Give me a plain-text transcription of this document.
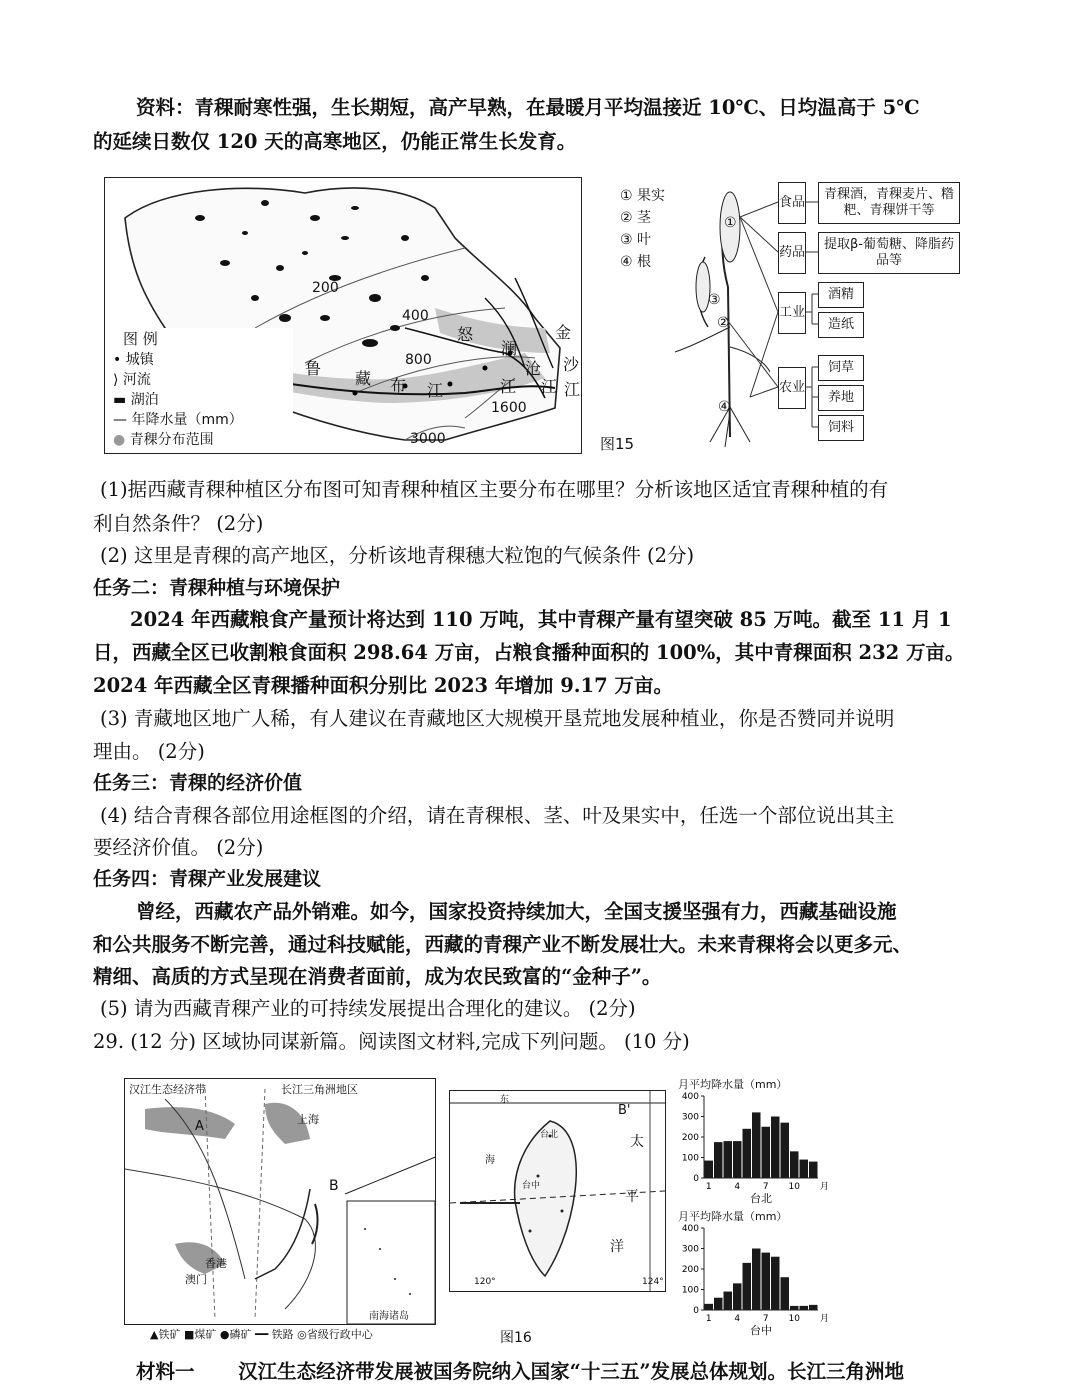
资料：青稞耐寒性强，生长期短，高产早熟，在最暖月平均温接近 10℃、日均温高于 5℃
的延续日数仅 120 天的高寒地区，仍能正常生长发育。
200
400
800
1600
3000
鲁
藏 布 江
怒
江
澜
沧
江
金
沙
江
图 例
• 城镇
⟩ 河流
▬ 湖泊
— 年降水量（mm）
● 青稞分布范围
① 果实
② 茎
③ 叶
④ 根
①
②
③
④
食品
青稞酒，青稞麦片、糌粑、青稞饼干等
药品
提取β-葡萄糖、降脂药品等
工业
酒精
造纸
农业
饲草
养地
饲料
图15
(1)据西藏青稞种植区分布图可知青稞种植区主要分布在哪里？分析该地区适宜青稞种植的有
利自然条件？ (2分)
(2) 这里是青稞的高产地区，分析该地青稞穗大粒饱的气候条件 (2分)
任务二：青稞种植与环境保护
2024 年西藏粮食产量预计将达到 110 万吨，其中青稞产量有望突破 85 万吨。截至 11 月 1
日，西藏全区已收割粮食面积 298.64 万亩，占粮食播种面积的 100%，其中青稞面积 232 万亩。
2024 年西藏全区青稞播种面积分别比 2023 年增加 9.17 万亩。
(3) 青藏地区地广人稀，有人建议在青藏地区大规模开垦荒地发展种植业，你是否赞同并说明
理由。 (2分)
任务三：青稞的经济价值
(4) 结合青稞各部位用途框图的介绍，请在青稞根、茎、叶及果实中，任选一个部位说出其主
要经济价值。 (2分)
任务四：青稞产业发展建议
曾经，西藏农产品外销难。如今，国家投资持续加大，全国支援坚强有力，西藏基础设施
和公共服务不断完善，通过科技赋能，西藏的青稞产业不断发展壮大。未来青稞将会以更多元、
精细、高质的方式呈现在消费者面前，成为农民致富的“金种子”。
(5) 请为西藏青稞产业的可持续发展提出合理化的建议。 (2分)
29. (12 分) 区域协同谋新篇。阅读图文材料,完成下列问题。 (10 分)
汉江生态经济带	长江三角洲地区
上海
A
B
香港
澳门
南海诸岛
▲铁矿 ■煤矿 ●磷矿 ━━ 铁路 ◎省级行政中心
B'
东
海
台北
台中
太
平
洋
120°	124°
图16
月平均降水量（mm）
0
100
200
300
400
1	4	7 10 月
台北
月平均降水量（mm）
0
100
200
300
400
1	4	7 10 月
台中
材料一 汉江生态经济带发展被国务院纳入国家“十三五”发展总体规划。长江三角洲地
